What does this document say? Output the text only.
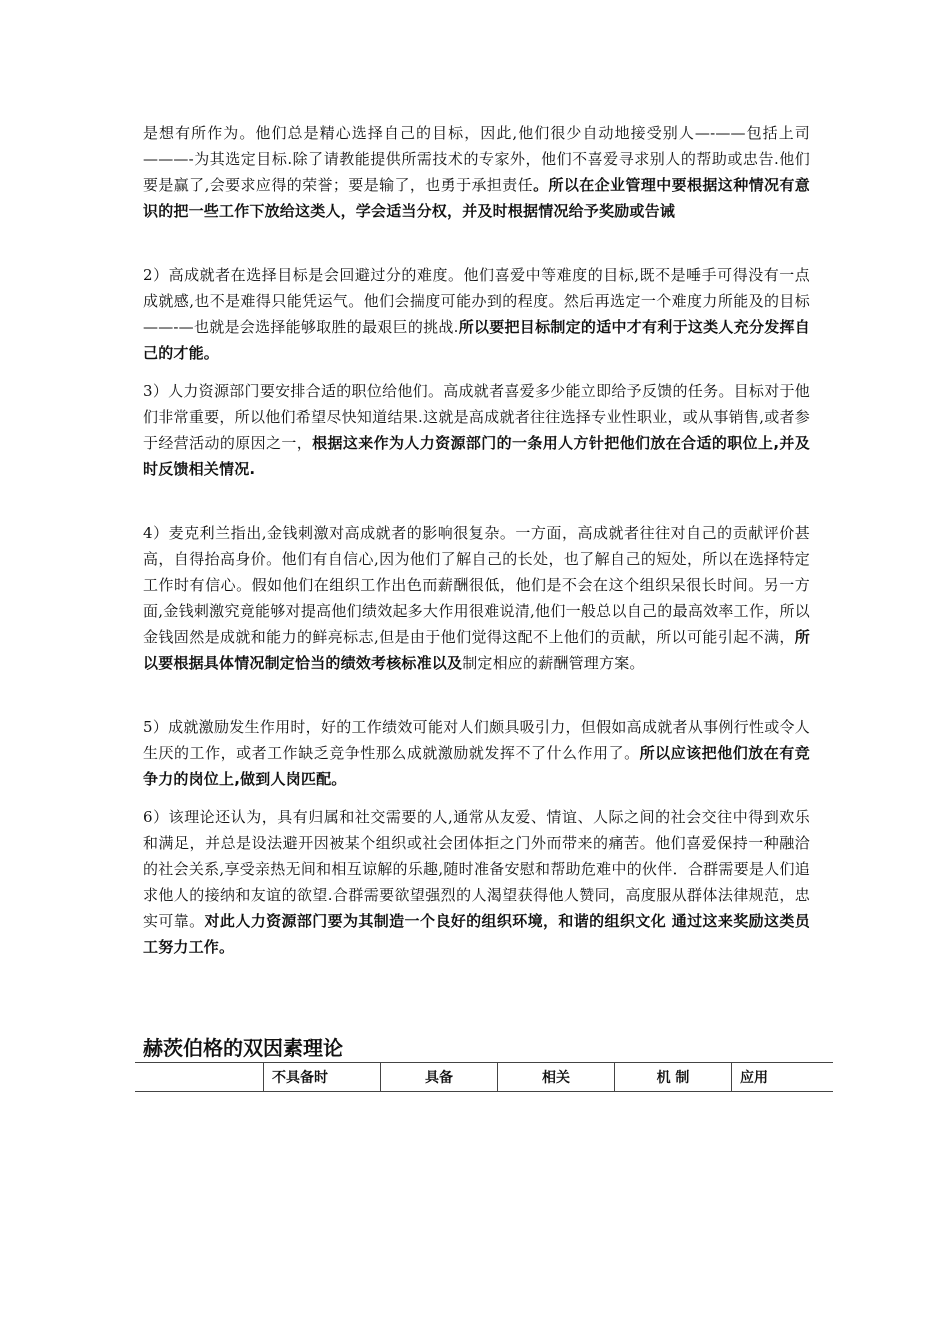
是想有所作为。他们总是精心选择自己的目标，因此,他们很少自动地接受别人—-——包括上司———-为其选定目标.除了请教能提供所需技术的专家外，他们不喜爱寻求别人的帮助或忠告.他们要是赢了,会要求应得的荣誉；要是输了，也勇于承担责任。所以在企业管理中要根据这种情况有意识的把一些工作下放给这类人，学会适当分权，并及时根据情况给予奖励或告诫

2）高成就者在选择目标是会回避过分的难度。他们喜爱中等难度的目标,既不是唾手可得没有一点成就感,也不是难得只能凭运气。他们会揣度可能办到的程度。然后再选定一个难度力所能及的目标——-—也就是会选择能够取胜的最艰巨的挑战.所以要把目标制定的适中才有利于这类人充分发挥自己的才能。

3）人力资源部门要安排合适的职位给他们。高成就者喜爱多少能立即给予反馈的任务。目标对于他们非常重要，所以他们希望尽快知道结果.这就是高成就者往往选择专业性职业，或从事销售,或者参于经营活动的原因之一，根据这来作为人力资源部门的一条用人方针把他们放在合适的职位上,并及时反馈相关情况.

4）麦克利兰指出,金钱刺激对高成就者的影响很复杂。一方面，高成就者往往对自己的贡献评价甚高，自得抬高身价。他们有自信心,因为他们了解自己的长处，也了解自己的短处，所以在选择特定工作时有信心。假如他们在组织工作出色而薪酬很低，他们是不会在这个组织呆很长时间。另一方面,金钱刺激究竟能够对提高他们绩效起多大作用很难说清,他们一般总以自己的最高效率工作，所以金钱固然是成就和能力的鲜亮标志,但是由于他们觉得这配不上他们的贡献，所以可能引起不满，所以要根据具体情况制定恰当的绩效考核标准以及制定相应的薪酬管理方案。

5）成就激励发生作用时，好的工作绩效可能对人们颇具吸引力，但假如高成就者从事例行性或令人生厌的工作，或者工作缺乏竞争性那么成就激励就发挥不了什么作用了。所以应该把他们放在有竞争力的岗位上,做到人岗匹配。

6）该理论还认为，具有归属和社交需要的人,通常从友爱、情谊、人际之间的社会交往中得到欢乐和满足，并总是设法避开因被某个组织或社会团体拒之门外而带来的痛苦。他们喜爱保持一种融洽的社会关系,享受亲热无间和相互谅解的乐趣,随时准备安慰和帮助危难中的伙伴．合群需要是人们追求他人的接纳和友谊的欲望.合群需要欲望强烈的人渴望获得他人赞同，高度服从群体法律规范，忠实可靠。对此人力资源部门要为其制造一个良好的组织环境，和谐的组织文化 通过这来奖励这类员工努力工作。

赫茨伯格的双因素理论
	不具备时	具备	相关	机 制	应用
